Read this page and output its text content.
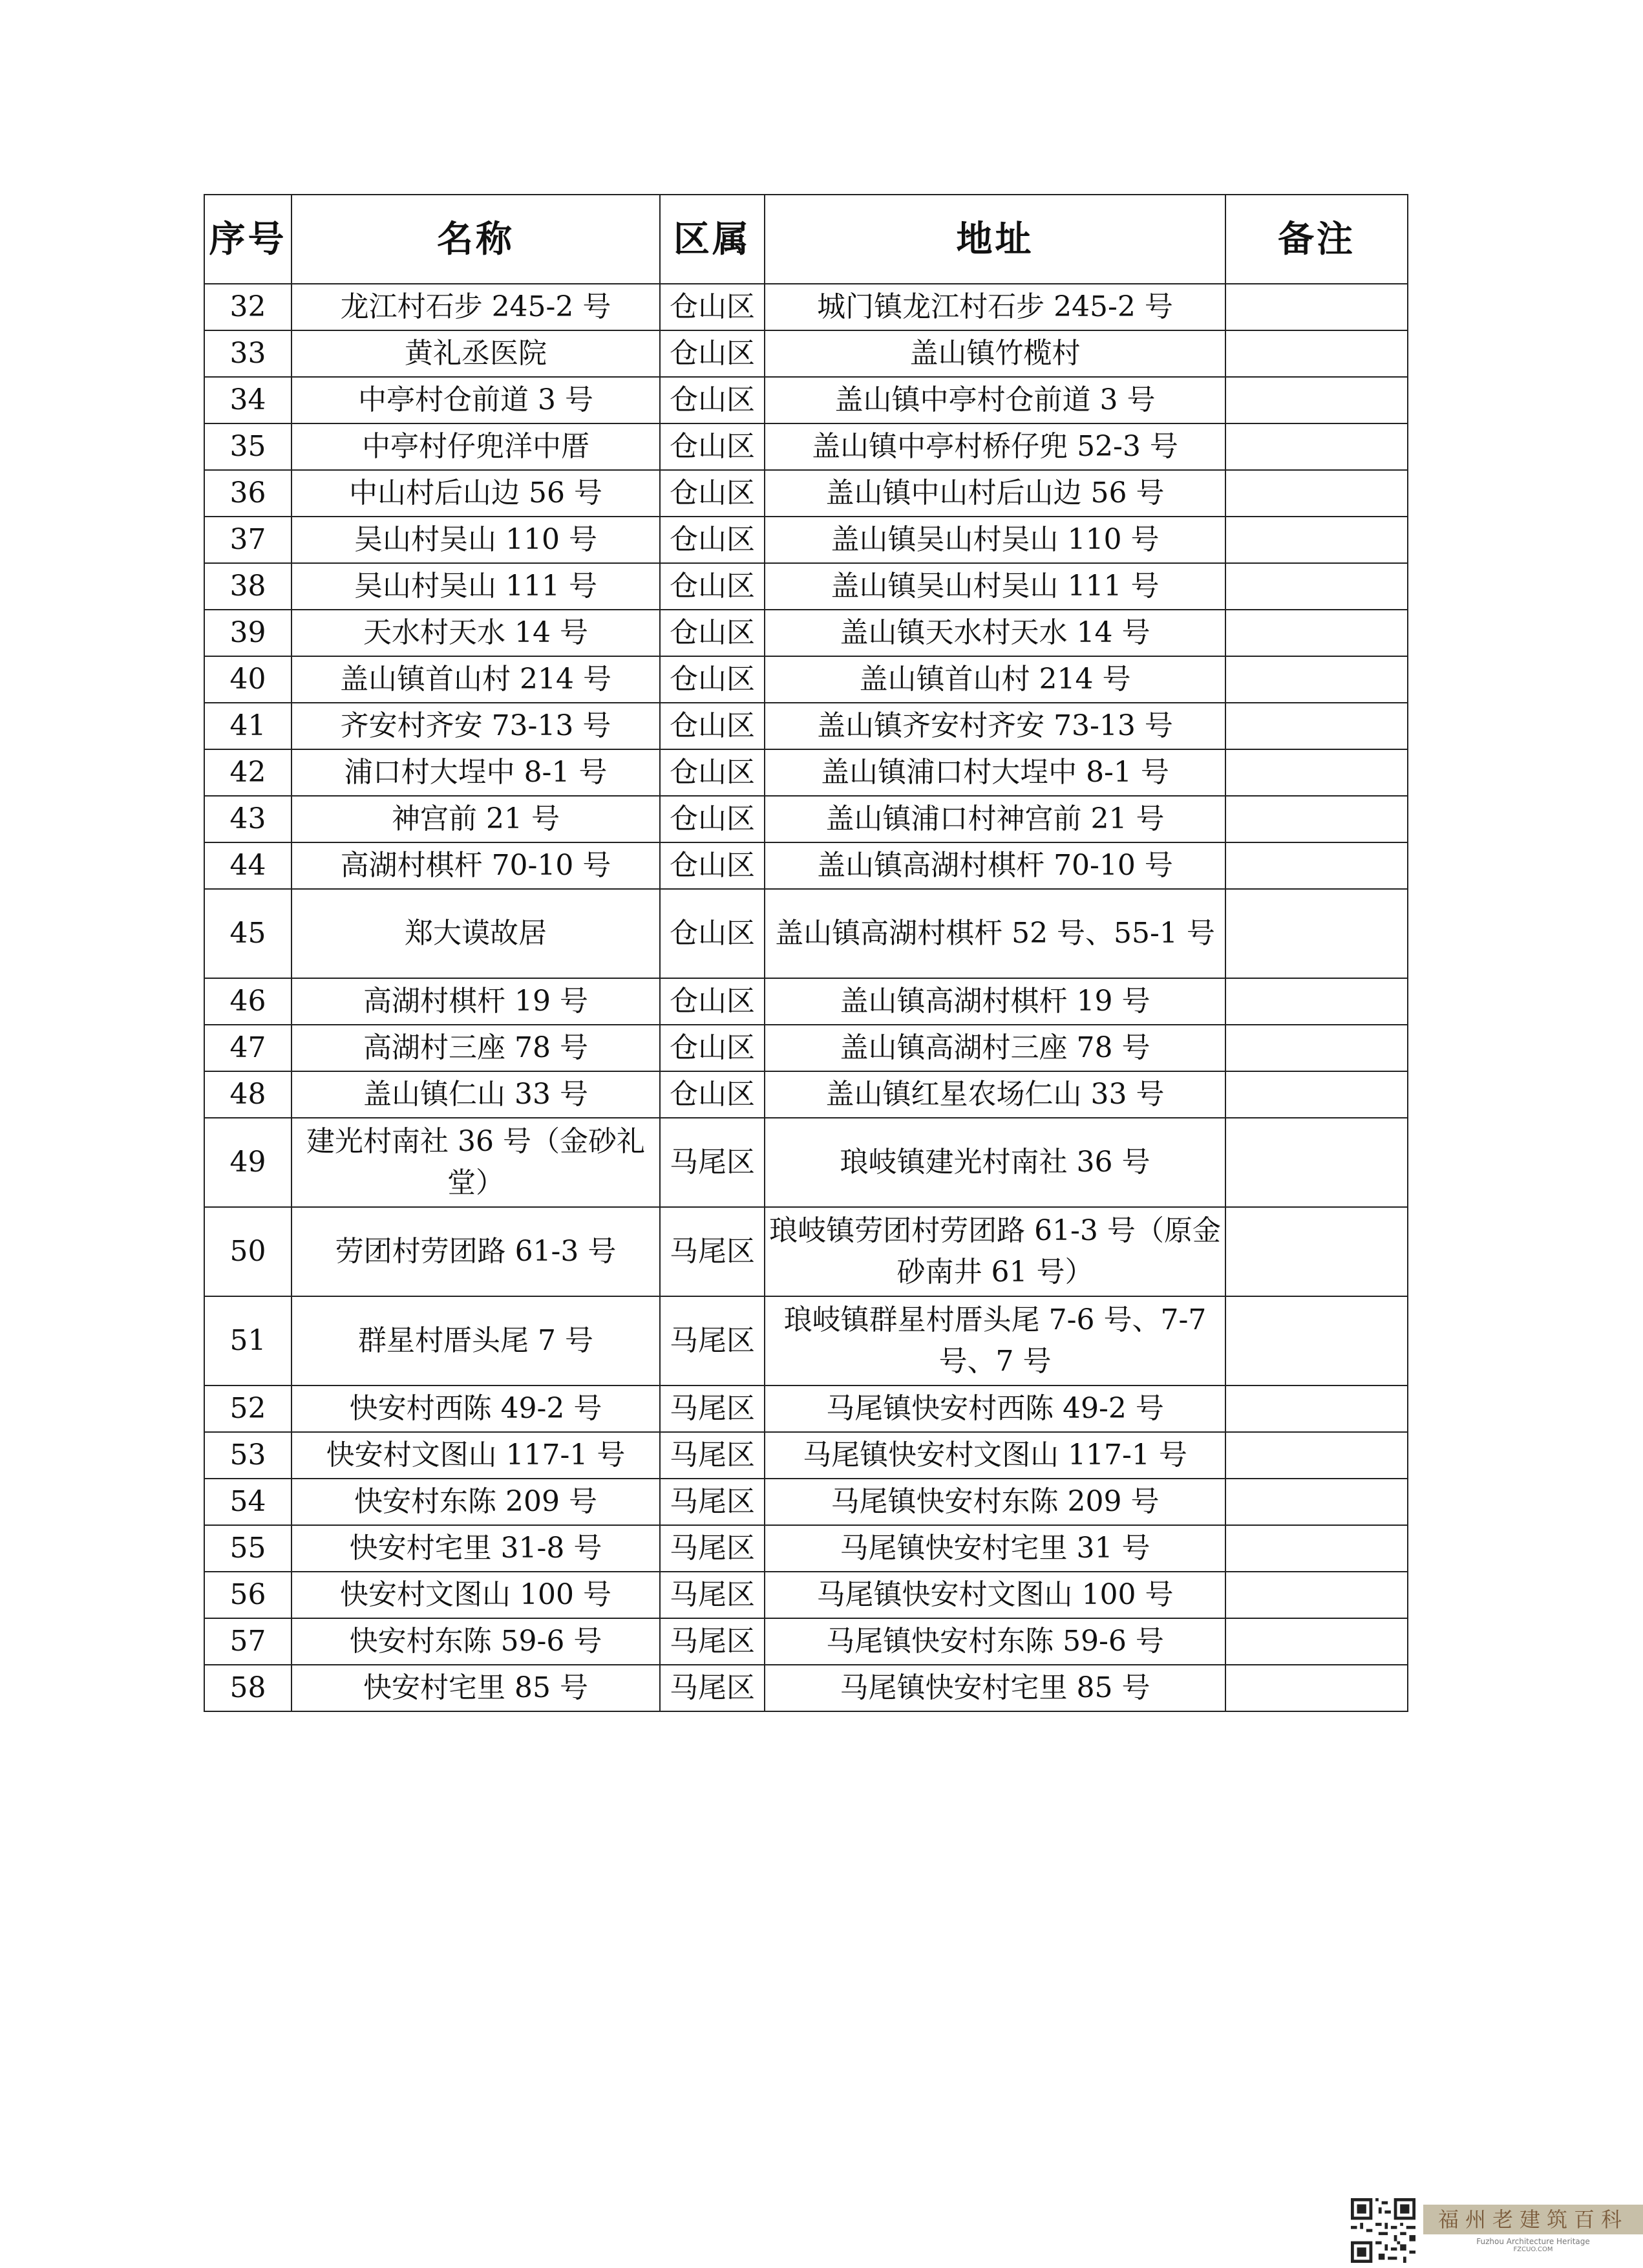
序号	名称	区属	地址	备注
32	龙江村石步 245-2 号	仓山区	城门镇龙江村石步 245-2 号	
33	黄礼丞医院	仓山区	盖山镇竹榄村	
34	中亭村仓前道 3 号	仓山区	盖山镇中亭村仓前道 3 号	
35	中亭村仔兜洋中厝	仓山区	盖山镇中亭村桥仔兜 52-3 号	
36	中山村后山边 56 号	仓山区	盖山镇中山村后山边 56 号	
37	吴山村吴山 110 号	仓山区	盖山镇吴山村吴山 110 号	
38	吴山村吴山 111 号	仓山区	盖山镇吴山村吴山 111 号	
39	天水村天水 14 号	仓山区	盖山镇天水村天水 14 号	
40	盖山镇首山村 214 号	仓山区	盖山镇首山村 214 号	
41	齐安村齐安 73-13 号	仓山区	盖山镇齐安村齐安 73-13 号	
42	浦口村大埕中 8-1 号	仓山区	盖山镇浦口村大埕中 8-1 号	
43	神宫前 21 号	仓山区	盖山镇浦口村神宫前 21 号	
44	高湖村棋杆 70-10 号	仓山区	盖山镇高湖村棋杆 70-10 号	
45	郑大谟故居	仓山区	盖山镇高湖村棋杆 52 号、55-1 号	
46	高湖村棋杆 19 号	仓山区	盖山镇高湖村棋杆 19 号	
47	高湖村三座 78 号	仓山区	盖山镇高湖村三座 78 号	
48	盖山镇仁山 33 号	仓山区	盖山镇红星农场仁山 33 号	
49	建光村南社 36 号（金砂礼堂）	马尾区	琅岐镇建光村南社 36 号	
50	劳团村劳团路 61-3 号	马尾区	琅岐镇劳团村劳团路 61-3 号（原金砂南井 61 号）	
51	群星村厝头尾 7 号	马尾区	琅岐镇群星村厝头尾 7-6 号、7-7 号、7 号	
52	快安村西陈 49-2 号	马尾区	马尾镇快安村西陈 49-2 号	
53	快安村文图山 117-1 号	马尾区	马尾镇快安村文图山 117-1 号	
54	快安村东陈 209 号	马尾区	马尾镇快安村东陈 209 号	
55	快安村宅里 31-8 号	马尾区	马尾镇快安村宅里 31 号	
56	快安村文图山 100 号	马尾区	马尾镇快安村文图山 100 号	
57	快安村东陈 59-6 号	马尾区	马尾镇快安村东陈 59-6 号	
58	快安村宅里 85 号	马尾区	马尾镇快安村宅里 85 号	
福州老建筑百科
Fuzhou Architecture Heritage
FZCUO.COM
